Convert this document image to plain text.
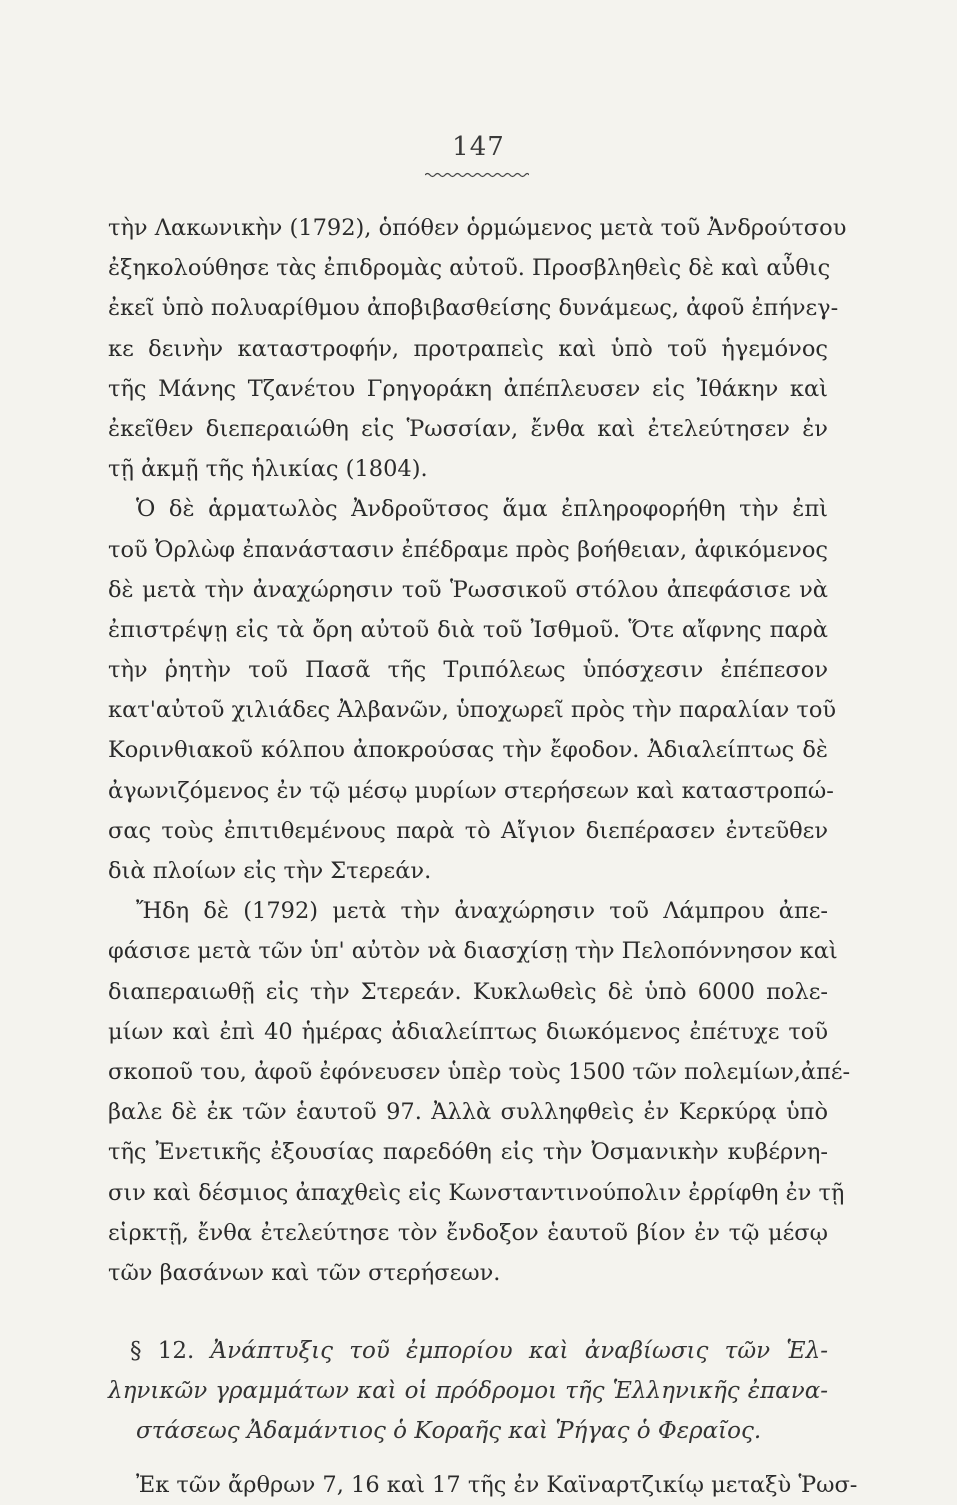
147
τὴν Λακωνικὴν (1792), ὁπόθεν ὁρμώμενος μετὰ τοῦ Ἀνδρούτσου
ἐξηκολούθησε τὰς ἐπιδρομὰς αὐτοῦ. Προσβληθεὶς δὲ καὶ αὖθις
ἐκεῖ ὑπὸ πολυαρίθμου ἀποβιβασθείσης δυνάμεως, ἀφοῦ ἐπήνεγ-
κε δεινὴν καταστροφήν, προτραπεὶς καὶ ὑπὸ τοῦ ἡγεμόνος
τῆς Μάνης Τζανέτου Γρηγοράκη ἀπέπλευσεν εἰς Ἰθάκην καὶ
ἐκεῖθεν διεπεραιώθη εἰς Ῥωσσίαν, ἔνθα καὶ ἐτελεύτησεν ἐν
τῇ ἀκμῇ τῆς ἡλικίας (1804).
Ὁ δὲ ἁρματωλὸς Ἀνδροῦτσος ἅμα ἐπληροφορήθη τὴν ἐπὶ
τοῦ Ὀρλὼφ ἐπανάστασιν ἐπέδραμε πρὸς βοήθειαν, ἀφικόμενος
δὲ μετὰ τὴν ἀναχώρησιν τοῦ Ῥωσσικοῦ στόλου ἀπεφάσισε νὰ
ἐπιστρέψῃ εἰς τὰ ὄρη αὐτοῦ διὰ τοῦ Ἰσθμοῦ. Ὅτε αἴφνης παρὰ
τὴν ῥητὴν τοῦ Πασᾶ τῆς Τριπόλεως ὑπόσχεσιν ἐπέπεσον
κατ'αὐτοῦ χιλιάδες Ἀλβανῶν, ὑποχωρεῖ πρὸς τὴν παραλίαν τοῦ
Κορινθιακοῦ κόλπου ἀποκρούσας τὴν ἔφοδον. Ἀδιαλείπτως δὲ
ἀγωνιζόμενος ἐν τῷ μέσῳ μυρίων στερήσεων καὶ καταστροπώ-
σας τοὺς ἐπιτιθεμένους παρὰ τὸ Αἴγιον διεπέρασεν ἐντεῦθεν
διὰ πλοίων εἰς τὴν Στερεάν.
Ἤδη δὲ (1792) μετὰ τὴν ἀναχώρησιν τοῦ Λάμπρου ἀπε-
φάσισε μετὰ τῶν ὑπ' αὐτὸν νὰ διασχίσῃ τὴν Πελοπόννησον καὶ
διαπεραιωθῇ εἰς τὴν Στερεάν. Κυκλωθεὶς δὲ ὑπὸ 6000 πολε-
μίων καὶ ἐπὶ 40 ἡμέρας ἀδιαλείπτως διωκόμενος ἐπέτυχε τοῦ
σκοποῦ του, ἀφοῦ ἐφόνευσεν ὑπὲρ τοὺς 1500 τῶν πολεμίων,ἀπέ-
βαλε δὲ ἐκ τῶν ἑαυτοῦ 97. Ἀλλὰ συλληφθεὶς ἐν Κερκύρᾳ ὑπὸ
τῆς Ἐνετικῆς ἐξουσίας παρεδόθη εἰς τὴν Ὀσμανικὴν κυβέρνη-
σιν καὶ δέσμιος ἀπαχθεὶς εἰς Κωνσταντινούπολιν ἐρρίφθη ἐν τῇ
εἱρκτῇ, ἔνθα ἐτελεύτησε τὸν ἔνδοξον ἑαυτοῦ βίον ἐν τῷ μέσῳ
τῶν βασάνων καὶ τῶν στερήσεων.
§ 12. Ἀνάπτυξις τοῦ ἐμπορίου καὶ ἀναβίωσις τῶν Ἑλ-
ληνικῶν γραμμάτων καὶ οἱ πρόδρομοι τῆς Ἑλληνικῆς ἐπανα-
στάσεως Ἀδαμάντιος ὁ Κοραῆς καὶ Ῥήγας ὁ Φεραῖος.
Ἐκ τῶν ἄρθρων 7, 16 καὶ 17 τῆς ἐν Καϊναρτζικίῳ μεταξὺ Ῥωσ-
